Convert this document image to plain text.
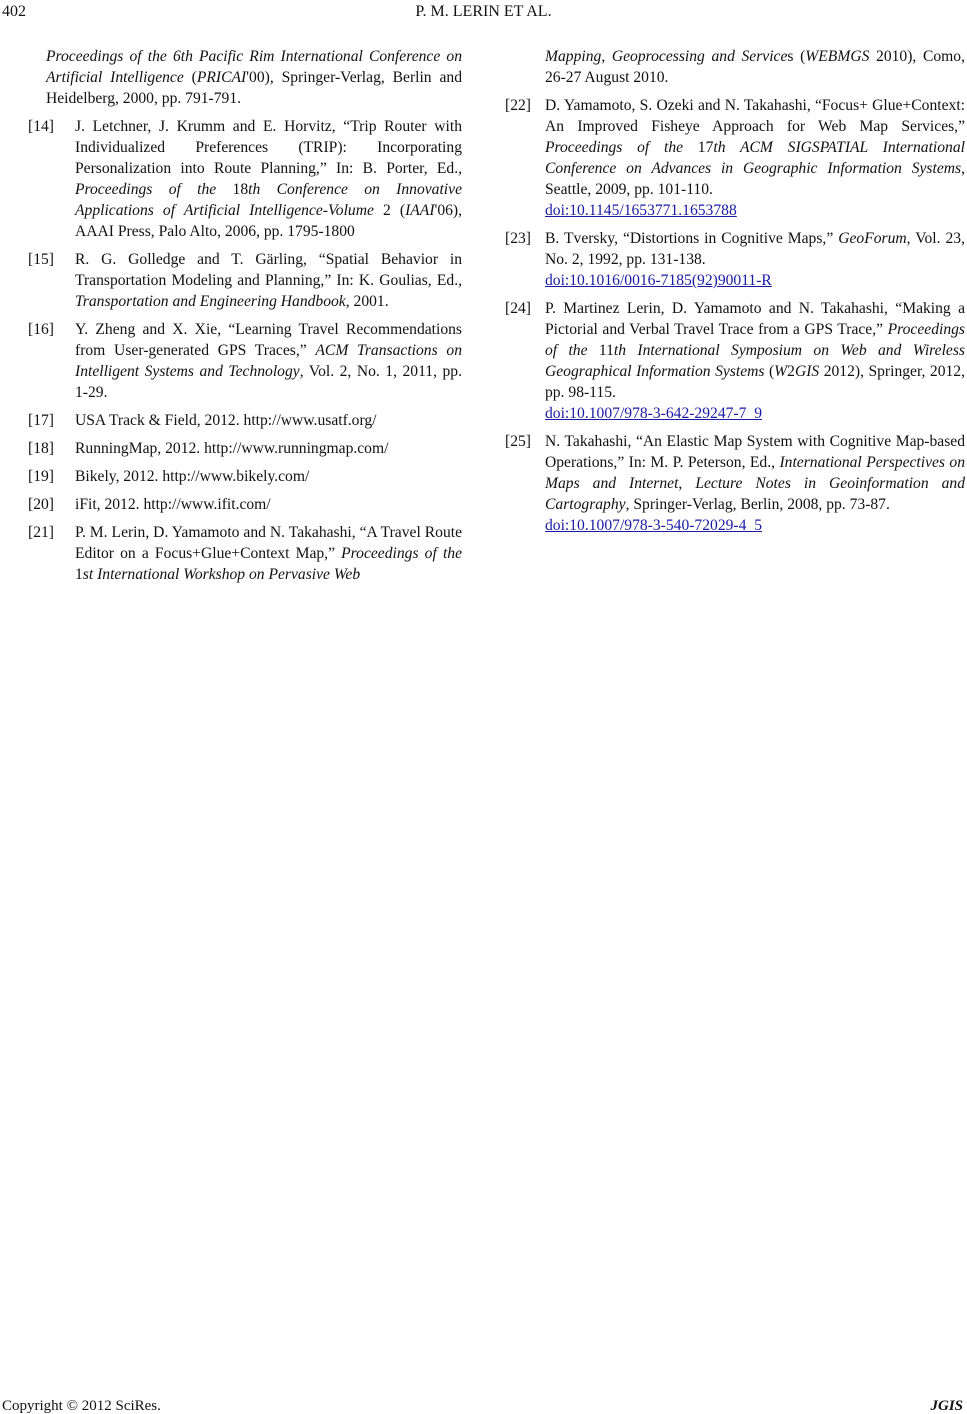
402	P. M. LERIN ET AL.
Proceedings of the 6th Pacific Rim International Conference on Artificial Intelligence (PRICAI'00), Springer-Verlag, Berlin and Heidelberg, 2000, pp. 791-791.
[14]	J. Letchner, J. Krumm and E. Horvitz, “Trip Router with Individualized Preferences (TRIP): Incorporating Personalization into Route Planning,” In: B. Porter, Ed., Proceedings of the 18th Conference on Innovative Applications of Artificial Intelligence-Volume 2 (IAAI'06), AAAI Press, Palo Alto, 2006, pp. 1795-1800
[15]	R. G. Golledge and T. Gärling, “Spatial Behavior in Transportation Modeling and Planning,” In: K. Goulias, Ed., Transportation and Engineering Handbook, 2001.
[16]	Y. Zheng and X. Xie, “Learning Travel Recommendations from User-generated GPS Traces,” ACM Transactions on Intelligent Systems and Technology, Vol. 2, No. 1, 2011, pp. 1-29.
[17]	USA Track & Field, 2012. http://www.usatf.org/
[18]	RunningMap, 2012. http://www.runningmap.com/
[19]	Bikely, 2012. http://www.bikely.com/
[20]	iFit, 2012. http://www.ifit.com/
[21]	P. M. Lerin, D. Yamamoto and N. Takahashi, “A Travel Route Editor on a Focus+Glue+Context Map,” Proceedings of the 1st International Workshop on Pervasive Web
Mapping, Geoprocessing and Services (WEBMGS 2010), Como, 26-27 August 2010.
[22] D. Yamamoto, S. Ozeki and N. Takahashi, “Focus+ Glue+Context: An Improved Fisheye Approach for Web Map Services,” Proceedings of the 17th ACM SIGSPATIAL International Conference on Advances in Geographic Information Systems, Seattle, 2009, pp. 101-110.
doi:10.1145/1653771.1653788
[23] B. Tversky, “Distortions in Cognitive Maps,” GeoForum, Vol. 23, No. 2, 1992, pp. 131-138.
doi:10.1016/0016-7185(92)90011-R
[24] P. Martinez Lerin, D. Yamamoto and N. Takahashi, “Making a Pictorial and Verbal Travel Trace from a GPS Trace,” Proceedings of the 11th International Symposium on Web and Wireless Geographical Information Systems (W2GIS 2012), Springer, 2012, pp. 98-115.
doi:10.1007/978-3-642-29247-7_9
[25] N. Takahashi, “An Elastic Map System with Cognitive Map-based Operations,” In: M. P. Peterson, Ed., International Perspectives on Maps and Internet, Lecture Notes in Geoinformation and Cartography, Springer-Verlag, Berlin, 2008, pp. 73-87.
doi:10.1007/978-3-540-72029-4_5
Copyright © 2012 SciRes.	JGIS
